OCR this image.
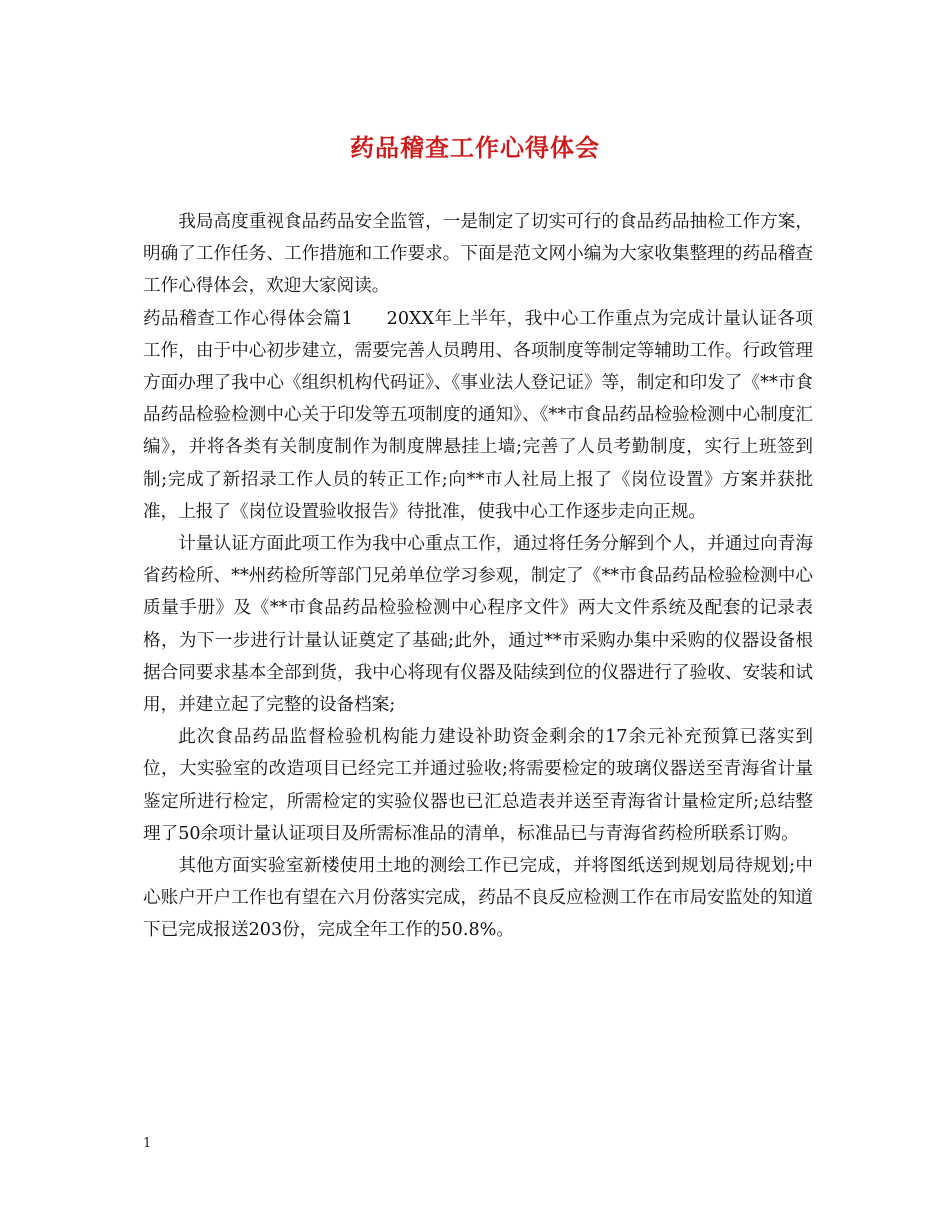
药品稽查工作心得体会

我局高度重视食品药品安全监管，一是制定了切实可行的食品药品抽检工作方案，明确了工作任务、工作措施和工作要求。下面是范文网小编为大家收集整理的药品稽查工作心得体会，欢迎大家阅读。

药品稽查工作心得体会篇1 20XX年上半年，我中心工作重点为完成计量认证各项工作，由于中心初步建立，需要完善人员聘用、各项制度等制定等辅助工作。行政管理方面办理了我中心《组织机构代码证》、《事业法人登记证》等，制定和印发了《**市食品药品检验检测中心关于印发等五项制度的通知》、《**市食品药品检验检测中心制度汇编》，并将各类有关制度制作为制度牌悬挂上墙;完善了人员考勤制度，实行上班签到制;完成了新招录工作人员的转正工作;向**市人社局上报了《岗位设置》方案并获批准，上报了《岗位设置验收报告》待批准，使我中心工作逐步走向正规。

计量认证方面此项工作为我中心重点工作，通过将任务分解到个人，并通过向青海省药检所、**州药检所等部门兄弟单位学习参观，制定了《**市食品药品检验检测中心质量手册》及《**市食品药品检验检测中心程序文件》两大文件系统及配套的记录表格，为下一步进行计量认证奠定了基础;此外，通过**市采购办集中采购的仪器设备根据合同要求基本全部到货，我中心将现有仪器及陆续到位的仪器进行了验收、安装和试用，并建立起了完整的设备档案;

此次食品药品监督检验机构能力建设补助资金剩余的17余元补充预算已落实到位，大实验室的改造项目已经完工并通过验收;将需要检定的玻璃仪器送至青海省计量鉴定所进行检定，所需检定的实验仪器也已汇总造表并送至青海省计量检定所;总结整理了50余项计量认证项目及所需标准品的清单，标准品已与青海省药检所联系订购。

其他方面实验室新楼使用土地的测绘工作已完成，并将图纸送到规划局待规划;中心账户开户工作也有望在六月份落实完成，药品不良反应检测工作在市局安监处的知道下已完成报送203份，完成全年工作的50.8%。

1
